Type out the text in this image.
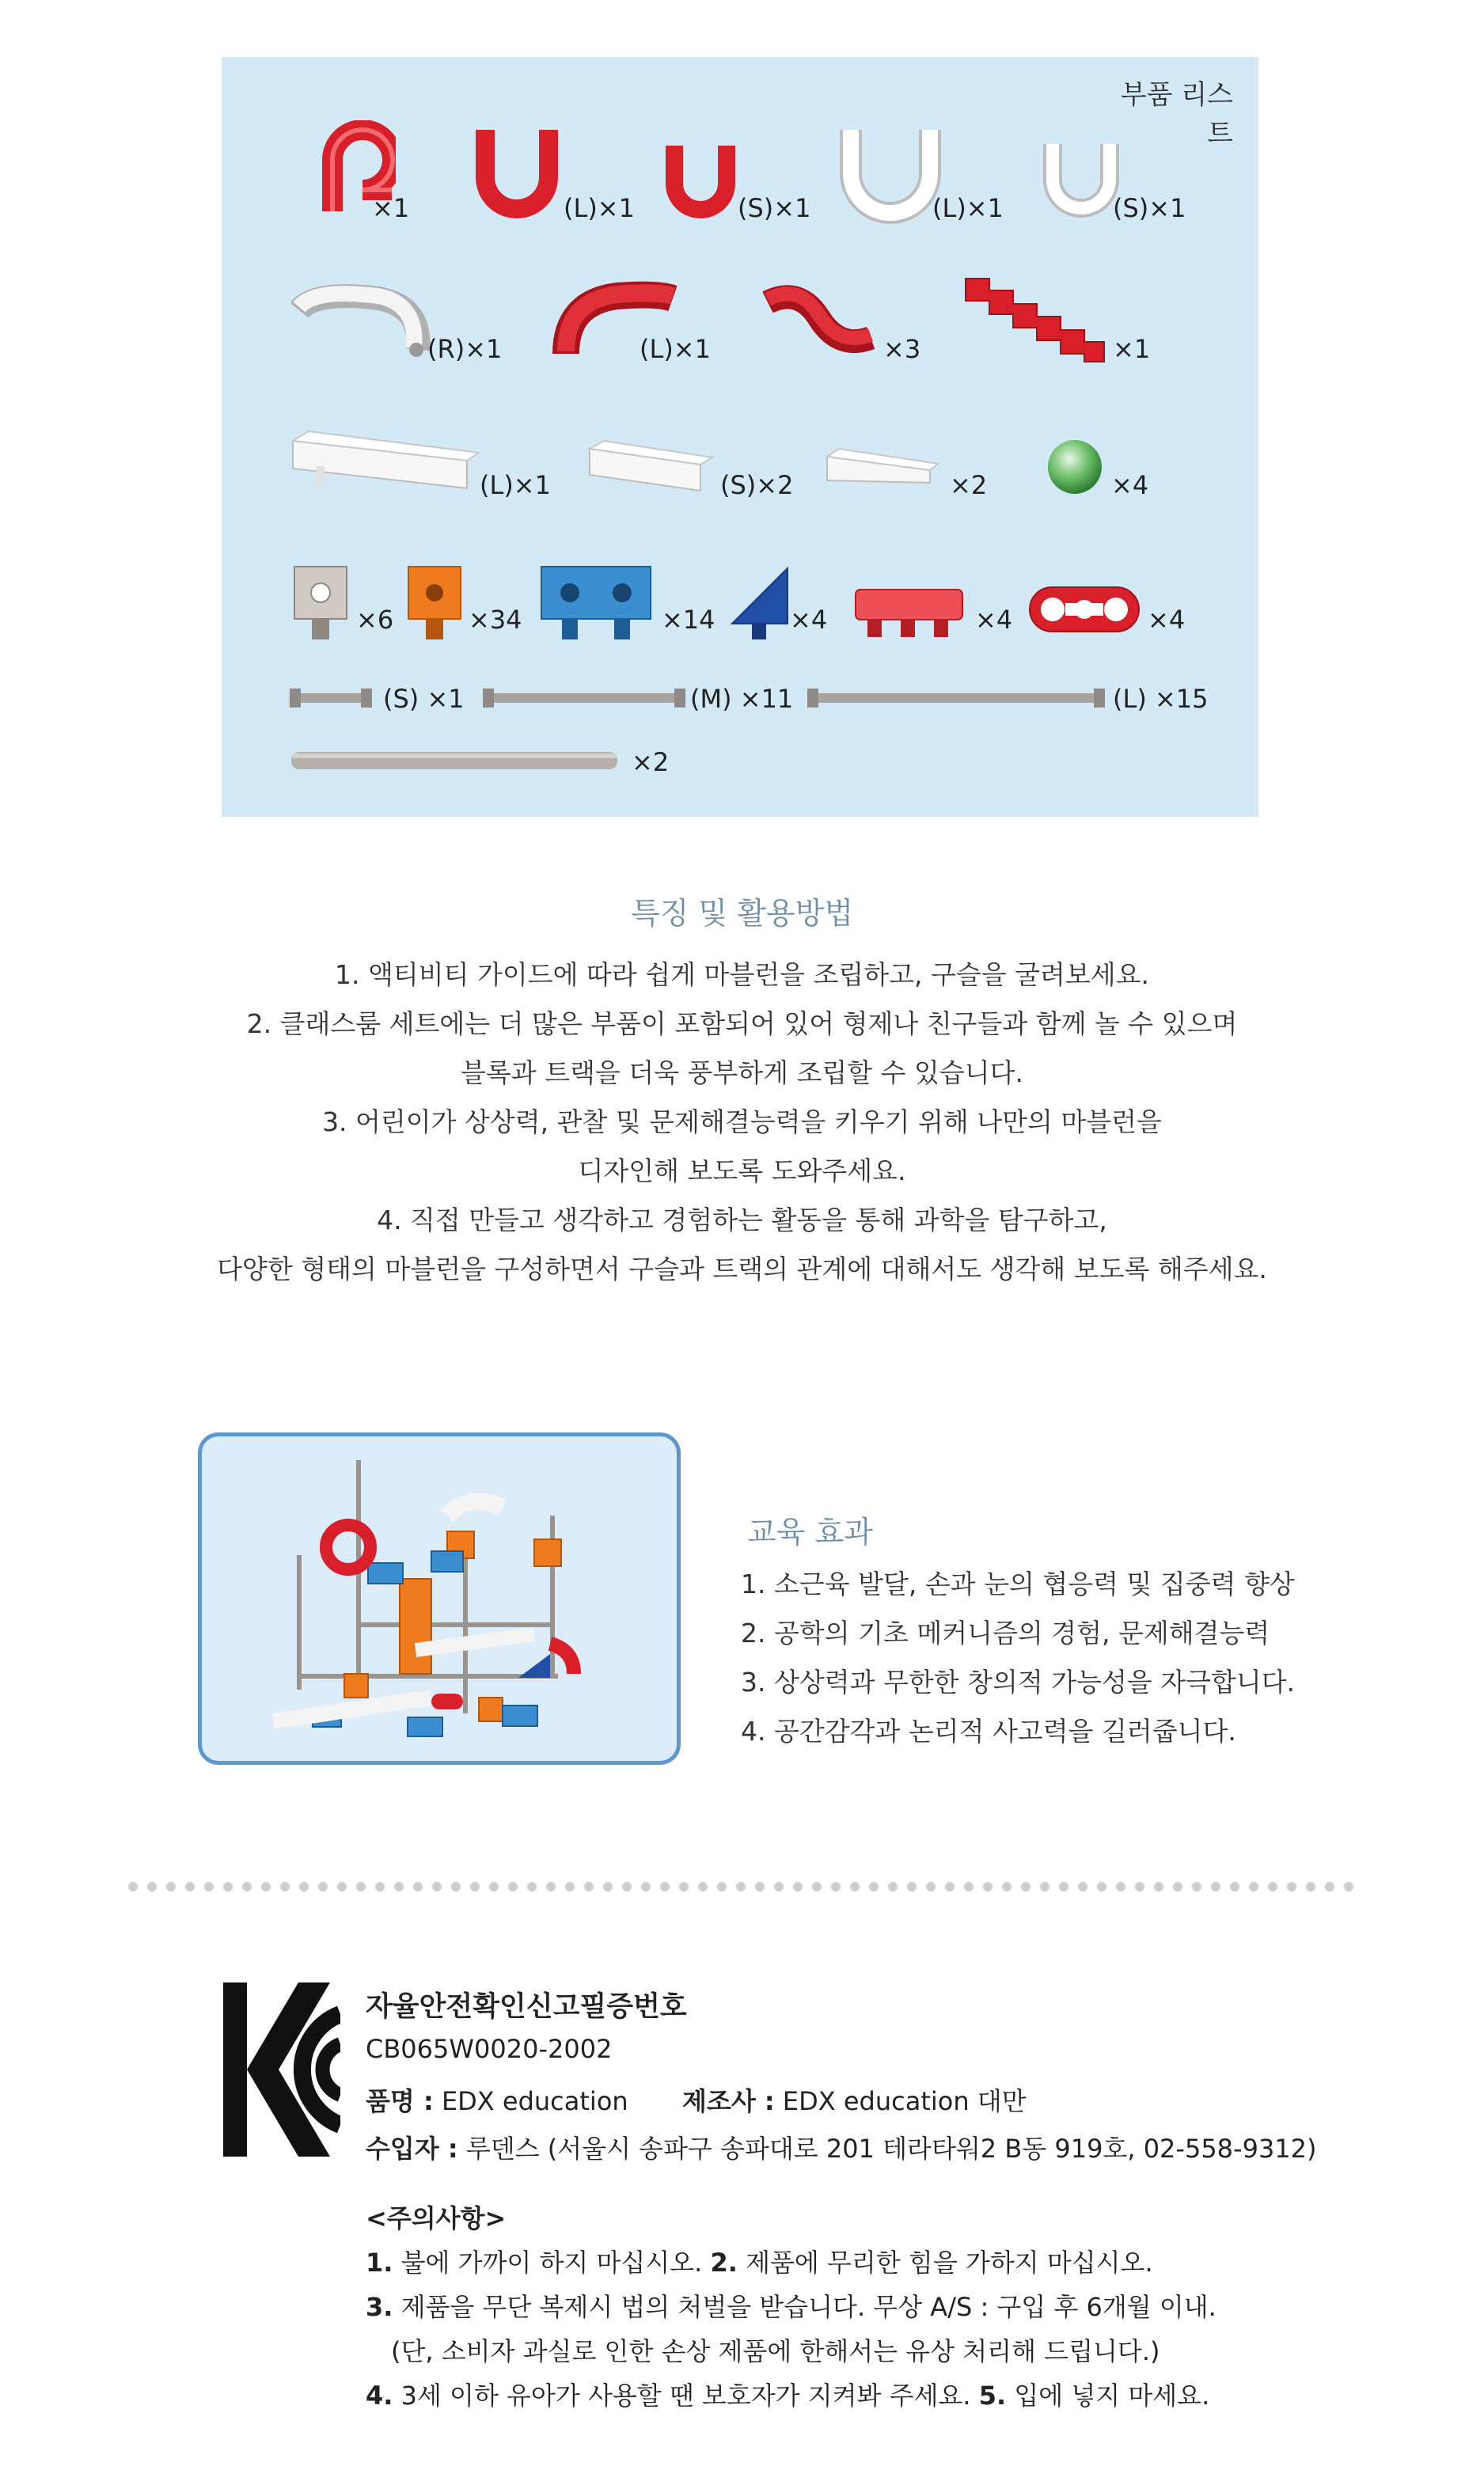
부품 리스트
×1	(L)×1	(S)×1	(L)×1	(S)×1
(R)×1	(L)×1	×3	×1
(L)×1	(S)×2	×2	×4
×6	×34	×14	×4	×4	×4
(S) ×1	(M) ×11	(L) ×15
×2
특징 및 활용방법
1. 액티비티 가이드에 따라 쉽게 마블런을 조립하고, 구슬을 굴려보세요.
2. 클래스룸 세트에는 더 많은 부품이 포함되어 있어 형제나 친구들과 함께 놀 수 있으며
블록과 트랙을 더욱 풍부하게 조립할 수 있습니다.
3. 어린이가 상상력, 관찰 및 문제해결능력을 키우기 위해 나만의 마블런을
디자인해 보도록 도와주세요.
4. 직접 만들고 생각하고 경험하는 활동을 통해 과학을 탐구하고,
다양한 형태의 마블런을 구성하면서 구슬과 트랙의 관계에 대해서도 생각해 보도록 해주세요.
교육 효과
1. 소근육 발달, 손과 눈의 협응력 및 집중력 향상
2. 공학의 기초 메커니즘의 경험, 문제해결능력
3. 상상력과 무한한 창의적 가능성을 자극합니다.
4. 공간감각과 논리적 사고력을 길러줍니다.
자율안전확인신고필증번호
CB065W0020-2002
품명 : EDX education 제조사 : EDX education 대만
수입자 : 루덴스 (서울시 송파구 송파대로 201 테라타워2 B동 919호, 02-558-9312)
<주의사항>
1. 불에 가까이 하지 마십시오. 2. 제품에 무리한 힘을 가하지 마십시오.
3. 제품을 무단 복제시 법의 처벌을 받습니다. 무상 A/S : 구입 후 6개월 이내.
(단, 소비자 과실로 인한 손상 제품에 한해서는 유상 처리해 드립니다.)
4. 3세 이하 유아가 사용할 땐 보호자가 지켜봐 주세요. 5. 입에 넣지 마세요.
